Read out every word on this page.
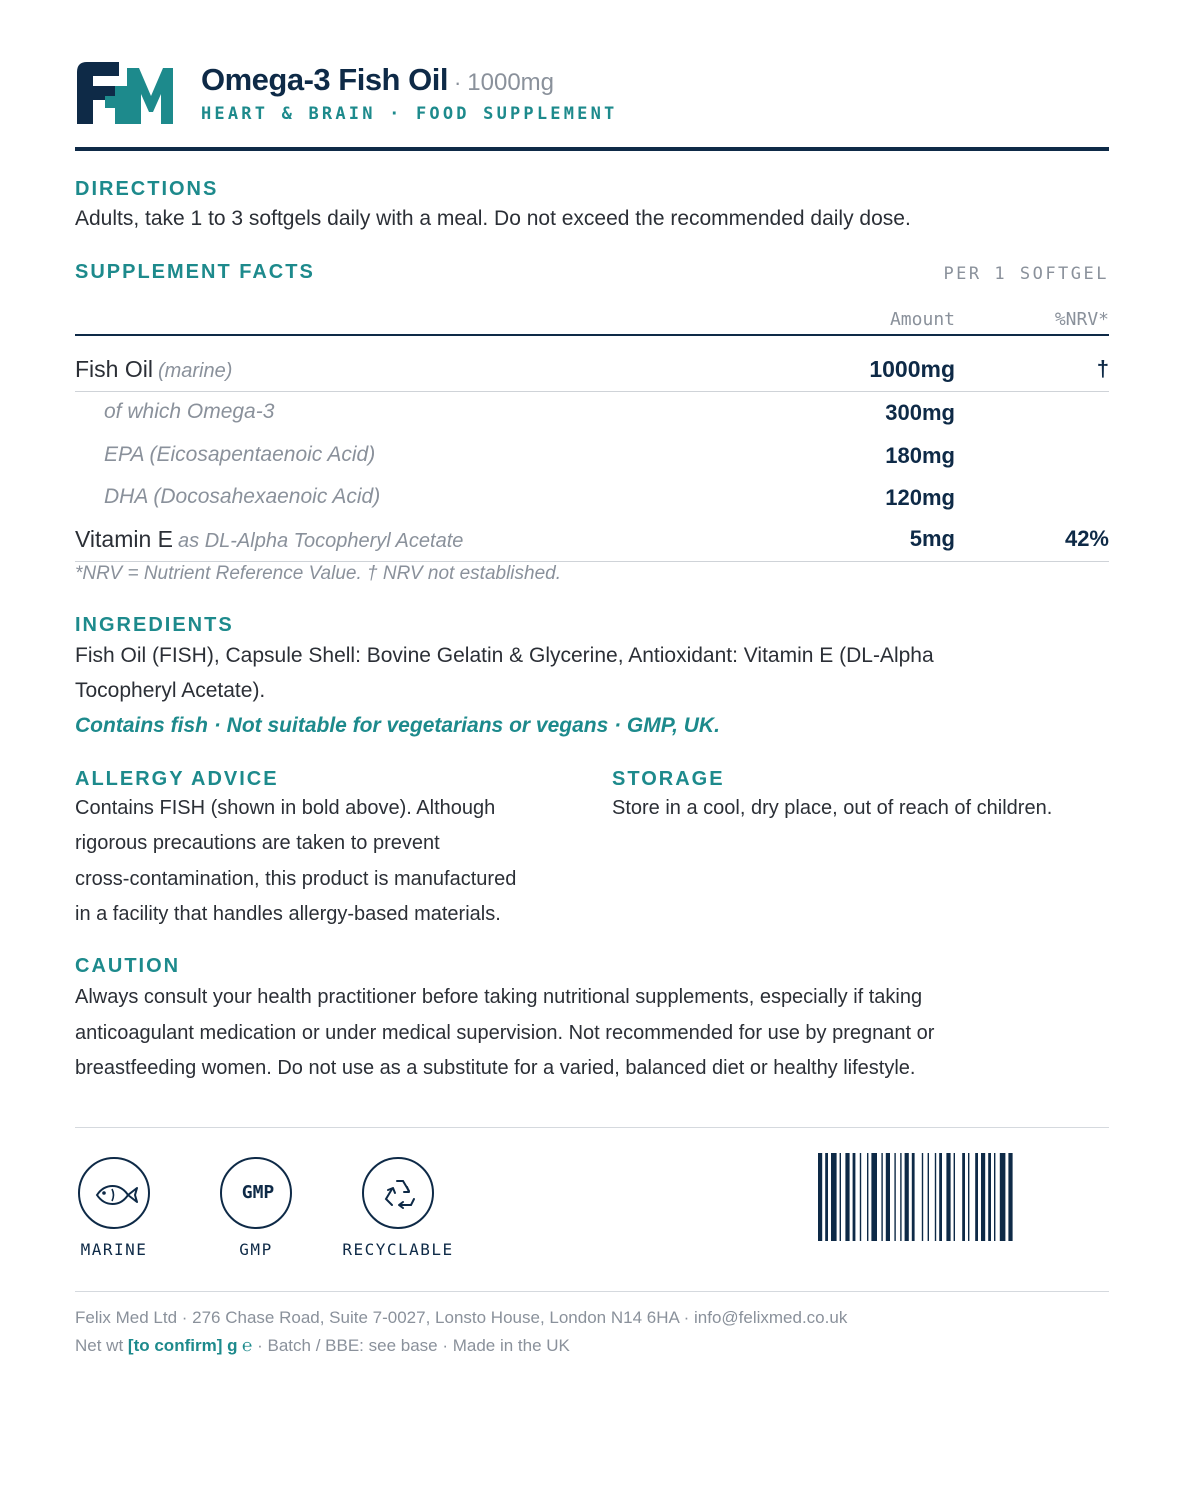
Omega-3 Fish Oil · 1000mg
HEART & BRAIN · FOOD SUPPLEMENT
DIRECTIONS
Adults, take 1 to 3 softgels daily with a meal. Do not exceed the recommended daily dose.
SUPPLEMENT FACTS	PER 1 SOFTGEL
Amount	%NRV*
Fish Oil (marine)	1000mg	†
of which Omega-3	300mg
EPA (Eicosapentaenoic Acid)	180mg
DHA (Docosahexaenoic Acid)	120mg
Vitamin E as DL-Alpha Tocopheryl Acetate	5mg	42%
*NRV = Nutrient Reference Value. † NRV not established.
INGREDIENTS
Fish Oil (FISH), Capsule Shell: Bovine Gelatin & Glycerine, Antioxidant: Vitamin E (DL-Alpha
Tocopheryl Acetate).
Contains fish · Not suitable for vegetarians or vegans · GMP, UK.
ALLERGY ADVICE
Contains FISH (shown in bold above). Although
rigorous precautions are taken to prevent
cross-contamination, this product is manufactured
in a facility that handles allergy-based materials.
STORAGE
Store in a cool, dry place, out of reach of children.
CAUTION
Always consult your health practitioner before taking nutritional supplements, especially if taking
anticoagulant medication or under medical supervision. Not recommended for use by pregnant or
breastfeeding women. Do not use as a substitute for a varied, balanced diet or healthy lifestyle.
MARINE
GMP
GMP	RECYCLABLE
Felix Med Ltd · 276 Chase Road, Suite 7-0027, Lonsto House, London N14 6HA · info@felixmed.co.uk
Net wt [to confirm] g ℮ · Batch / BBE: see base · Made in the UK
